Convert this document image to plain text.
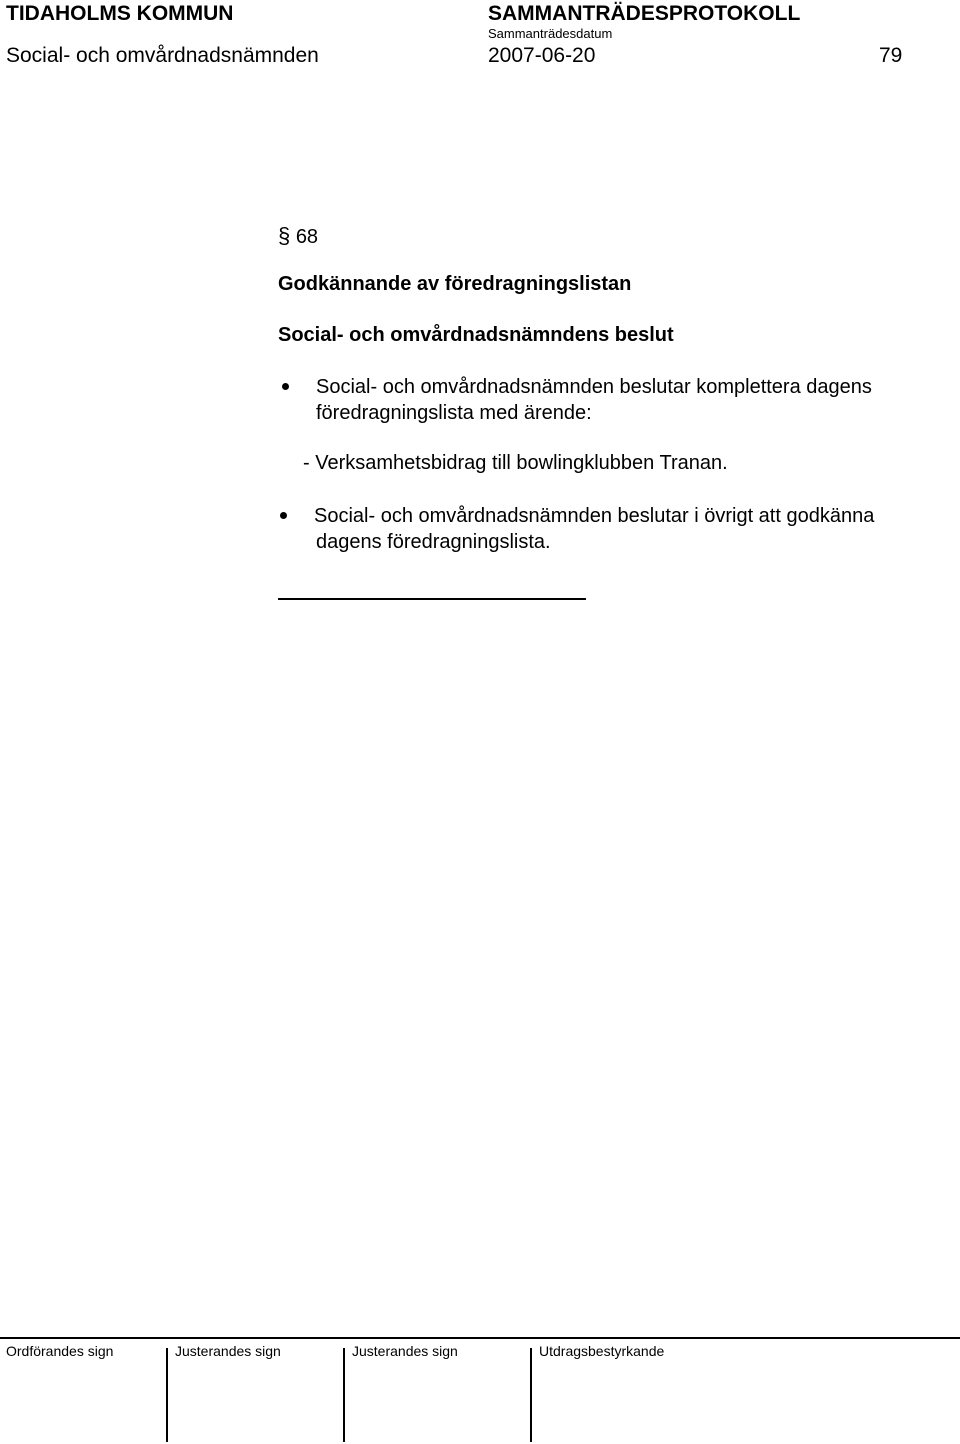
TIDAHOLMS KOMMUN	SAMMANTRÄDESPROTOKOLL
Sammanträdesdatum
Social- och omvårdnadsnämnden	2007-06-20	79
§ 68
Godkännande av föredragningslistan
Social- och omvårdnadsnämndens beslut
Social- och omvårdnadsnämnden beslutar komplettera dagens
föredragningslista med ärende:
- Verksamhetsbidrag till bowlingklubben Tranan.
Social- och omvårdnadsnämnden beslutar i övrigt att godkänna
dagens föredragningslista.
Ordförandes sign	Justerandes sign	Justerandes sign	Utdragsbestyrkande
